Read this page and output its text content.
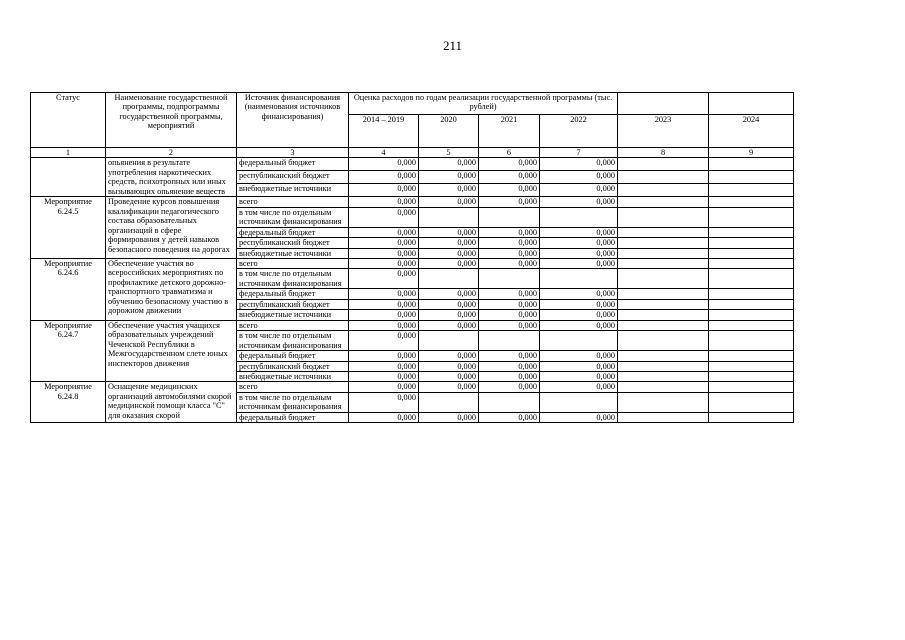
211
Статус	Наименование государственной программы, подпрограммы государственной программы, мероприятий	Источник финансирования (наименования источников финансирования)	Оценка расходов по годам реализации государственной программы (тыс. рублей)					
			2014 – 2019	2020	2021	2022	2023	2024
1	2	3	4	5	6	7	8	9
	опьянения в результате употребления наркотических средств, психотропных или иных вызывающих опьянение веществ	федеральный бюджет	0,000	0,000	0,000	0,000		
		республиканский бюджет	0,000	0,000	0,000	0,000		
		внебюджетные источники	0,000	0,000	0,000	0,000		
Мероприятие 6.24.5	Проведение курсов повышения квалификации педагогического состава образовательных организаций в сфере формирования у детей навыков безопасного поведения на дорогах	всего	0,000	0,000	0,000	0,000		
		в том числе по отдельным источникам финансирования	0,000					
		федеральный бюджет	0,000	0,000	0,000	0,000		
		республиканский бюджет	0,000	0,000	0,000	0,000		
		внебюджетные источники	0,000	0,000	0,000	0,000		
Мероприятие 6.24.6	Обеспечение участия во всероссийских мероприятиях по профилактике детского дорожно-транспортного травматизма и обучению безопасному участию в дорожном движении	всего	0,000	0,000	0,000	0,000		
		в том числе по отдельным источникам финансирования	0,000					
		федеральный бюджет	0,000	0,000	0,000	0,000		
		республиканский бюджет	0,000	0,000	0,000	0,000		
		внебюджетные источники	0,000	0,000	0,000	0,000		
Мероприятие 6.24.7	Обеспечение участия учащихся образовательных учреждений Чеченской Республики в Межгосударственном слете юных инспекторов движения	всего	0,000	0,000	0,000	0,000		
		в том числе по отдельным источникам финансирования	0,000					
		федеральный бюджет	0,000	0,000	0,000	0,000		
		республиканский бюджет	0,000	0,000	0,000	0,000		
		внебюджетные источники	0,000	0,000	0,000	0,000		
Мероприятие 6.24.8	Оснащение медицинских организаций автомобилями скорой медицинской помощи класса "С" для оказания скорой	всего	0,000	0,000	0,000	0,000		
		в том числе по отдельным источникам финансирования	0,000					
		федеральный бюджет	0,000	0,000	0,000	0,000		
